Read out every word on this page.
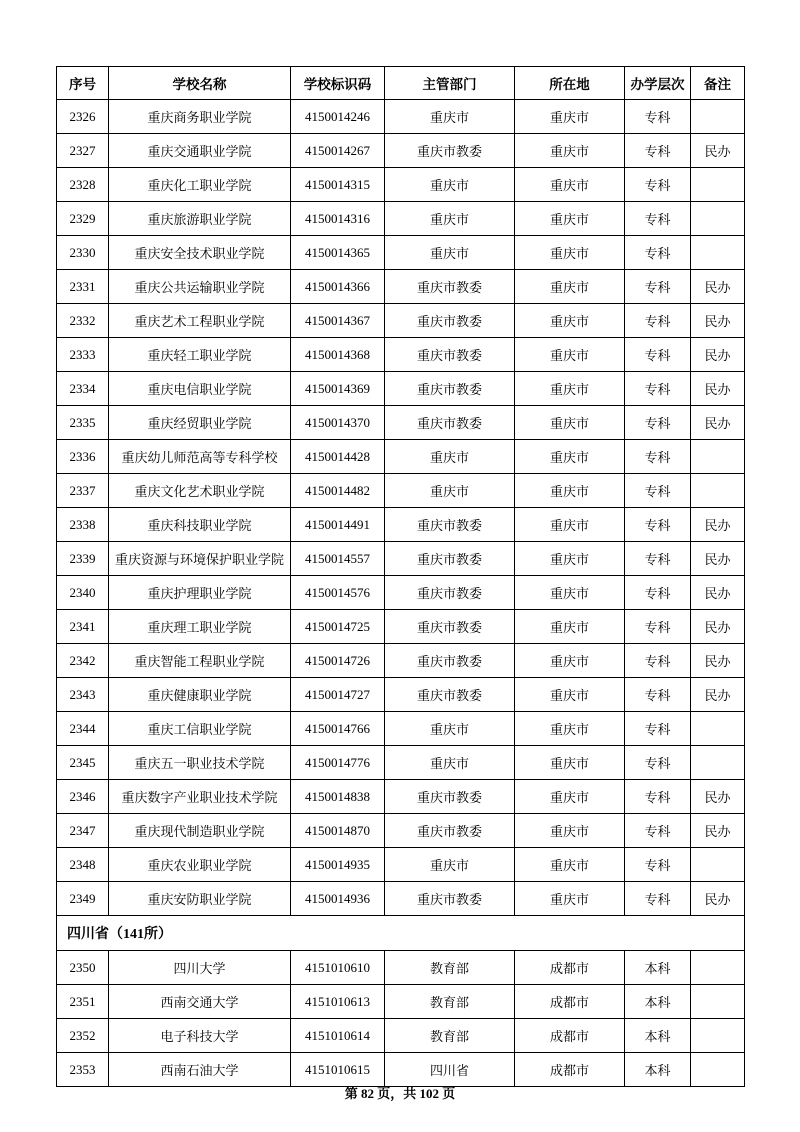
序号	学校名称	学校标识码	主管部门	所在地	办学层次	备注
2326	重庆商务职业学院	4150014246	重庆市	重庆市	专科	
2327	重庆交通职业学院	4150014267	重庆市教委	重庆市	专科	民办
2328	重庆化工职业学院	4150014315	重庆市	重庆市	专科	
2329	重庆旅游职业学院	4150014316	重庆市	重庆市	专科	
2330	重庆安全技术职业学院	4150014365	重庆市	重庆市	专科	
2331	重庆公共运输职业学院	4150014366	重庆市教委	重庆市	专科	民办
2332	重庆艺术工程职业学院	4150014367	重庆市教委	重庆市	专科	民办
2333	重庆轻工职业学院	4150014368	重庆市教委	重庆市	专科	民办
2334	重庆电信职业学院	4150014369	重庆市教委	重庆市	专科	民办
2335	重庆经贸职业学院	4150014370	重庆市教委	重庆市	专科	民办
2336	重庆幼儿师范高等专科学校	4150014428	重庆市	重庆市	专科	
2337	重庆文化艺术职业学院	4150014482	重庆市	重庆市	专科	
2338	重庆科技职业学院	4150014491	重庆市教委	重庆市	专科	民办
2339	重庆资源与环境保护职业学院	4150014557	重庆市教委	重庆市	专科	民办
2340	重庆护理职业学院	4150014576	重庆市教委	重庆市	专科	民办
2341	重庆理工职业学院	4150014725	重庆市教委	重庆市	专科	民办
2342	重庆智能工程职业学院	4150014726	重庆市教委	重庆市	专科	民办
2343	重庆健康职业学院	4150014727	重庆市教委	重庆市	专科	民办
2344	重庆工信职业学院	4150014766	重庆市	重庆市	专科	
2345	重庆五一职业技术学院	4150014776	重庆市	重庆市	专科	
2346	重庆数字产业职业技术学院	4150014838	重庆市教委	重庆市	专科	民办
2347	重庆现代制造职业学院	4150014870	重庆市教委	重庆市	专科	民办
2348	重庆农业职业学院	4150014935	重庆市	重庆市	专科	
2349	重庆安防职业学院	4150014936	重庆市教委	重庆市	专科	民办
四川省（141所）						
2350	四川大学	4151010610	教育部	成都市	本科	
2351	西南交通大学	4151010613	教育部	成都市	本科	
2352	电子科技大学	4151010614	教育部	成都市	本科	
2353	西南石油大学	4151010615	四川省	成都市	本科	
第 82 页，共 102 页
